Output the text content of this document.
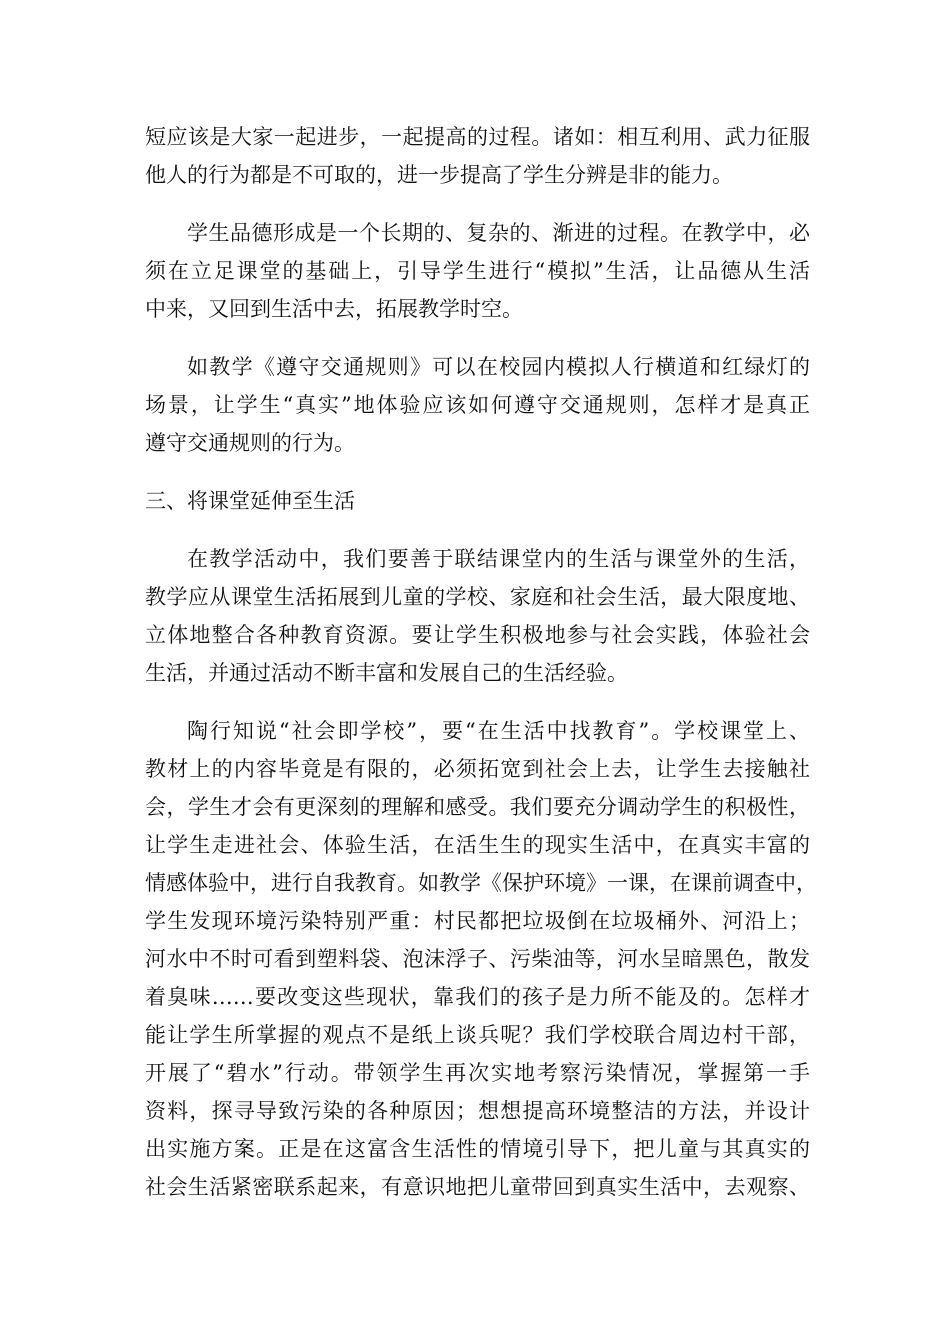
短应该是大家一起进步，一起提高的过程。诸如：相互利用、武力征服
他人的行为都是不可取的，进一步提高了学生分辨是非的能力。

学生品德形成是一个长期的、复杂的、渐进的过程。在教学中，必
须在立足课堂的基础上，引导学生进行“模拟”生活，让品德从生活
中来，又回到生活中去，拓展教学时空。

如教学《遵守交通规则》可以在校园内模拟人行横道和红绿灯的
场景，让学生“真实”地体验应该如何遵守交通规则，怎样才是真正
遵守交通规则的行为。

三、将课堂延伸至生活

在教学活动中，我们要善于联结课堂内的生活与课堂外的生活，
教学应从课堂生活拓展到儿童的学校、家庭和社会生活，最大限度地、
立体地整合各种教育资源。要让学生积极地参与社会实践，体验社会
生活，并通过活动不断丰富和发展自己的生活经验。

陶行知说“社会即学校”，要“在生活中找教育”。学校课堂上、
教材上的内容毕竟是有限的，必须拓宽到社会上去，让学生去接触社
会，学生才会有更深刻的理解和感受。我们要充分调动学生的积极性，
让学生走进社会、体验生活，在活生生的现实生活中，在真实丰富的
情感体验中，进行自我教育。如教学《保护环境》一课，在课前调查中，
学生发现环境污染特别严重：村民都把垃圾倒在垃圾桶外、河沿上；
河水中不时可看到塑料袋、泡沫浮子、污柴油等，河水呈暗黑色，散发
着臭味……要改变这些现状，靠我们的孩子是力所不能及的。怎样才
能让学生所掌握的观点不是纸上谈兵呢？我们学校联合周边村干部，
开展了“碧水”行动。带领学生再次实地考察污染情况，掌握第一手
资料，探寻导致污染的各种原因；想想提高环境整洁的方法，并设计
出实施方案。正是在这富含生活性的情境引导下，把儿童与其真实的
社会生活紧密联系起来，有意识地把儿童带回到真实生活中，去观察、
